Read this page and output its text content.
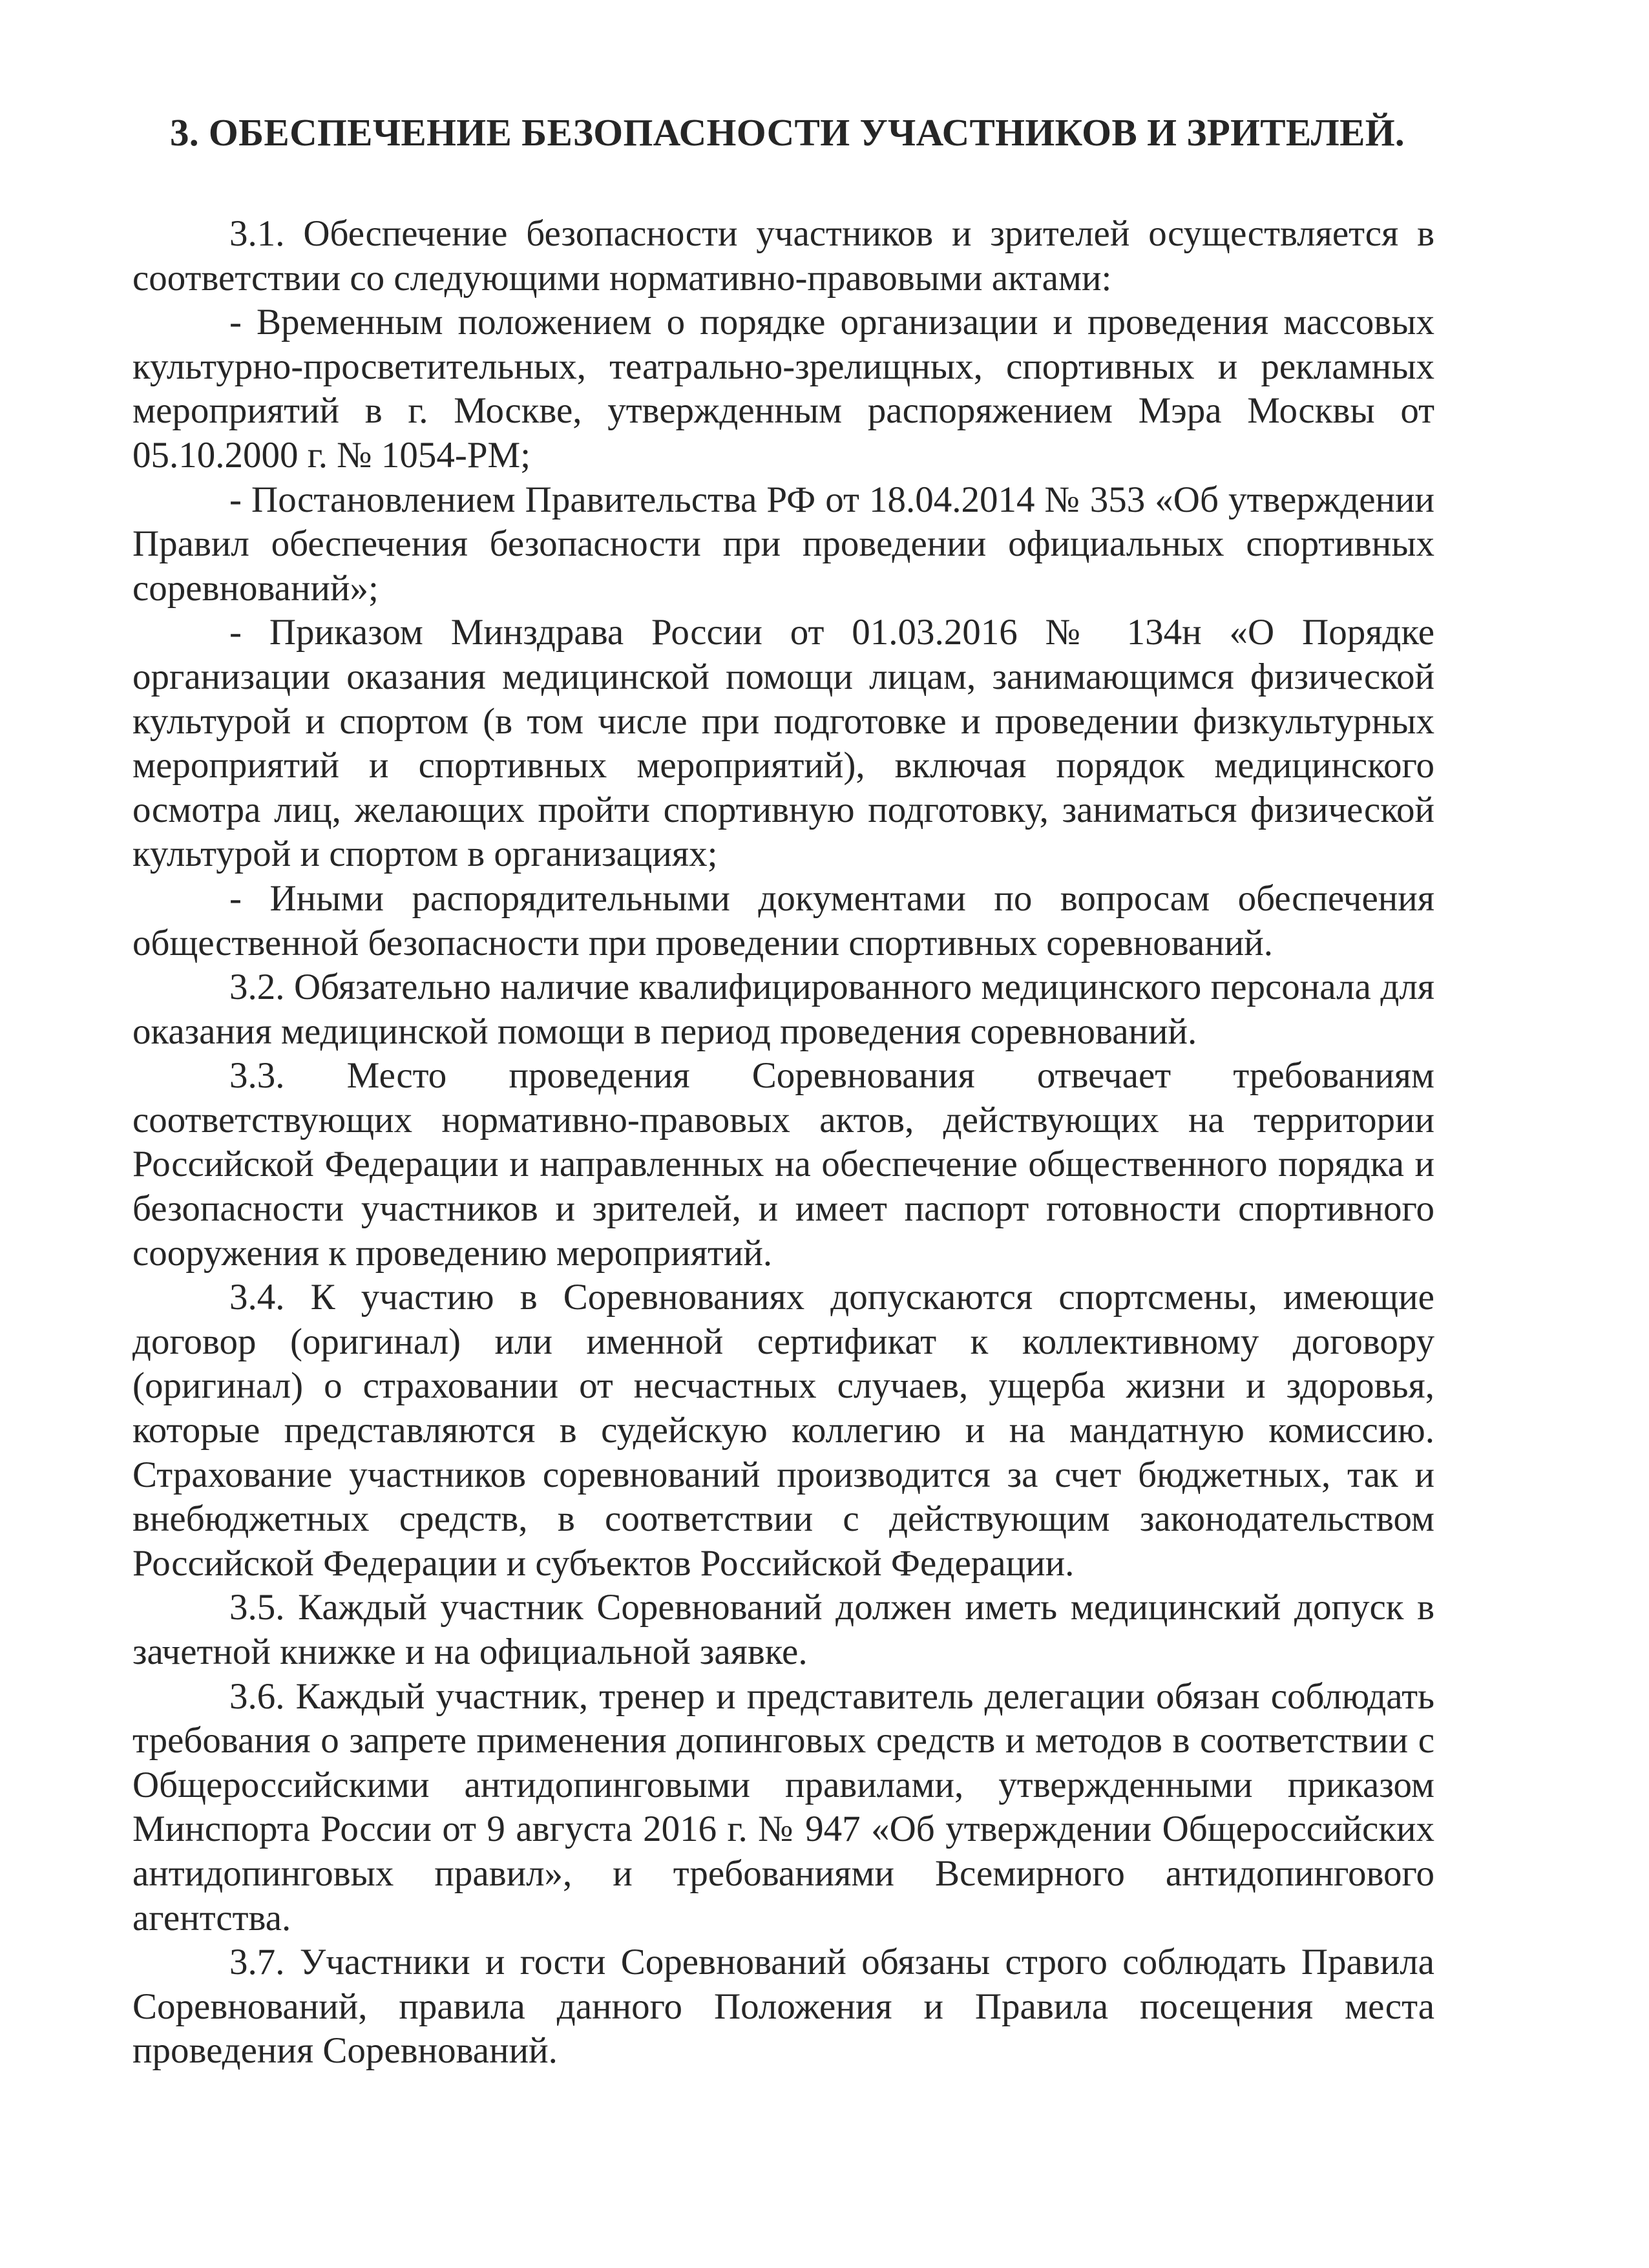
3. ОБЕСПЕЧЕНИЕ БЕЗОПАСНОСТИ УЧАСТНИКОВ И ЗРИТЕЛЕЙ.

3.1. Обеспечение безопасности участников и зрителей осуществляется в соответствии со следующими нормативно-правовыми актами:

- Временным положением о порядке организации и проведения массовых культурно-просветительных, театрально-зрелищных, спортивных и рекламных мероприятий в г. Москве, утвержденным распоряжением Мэра Москвы от 05.10.2000 г. № 1054-РМ;

- Постановлением Правительства РФ от 18.04.2014 № 353 «Об утверждении Правил обеспечения безопасности при проведении официальных спортивных соревнований»;

- Приказом Минздрава России от 01.03.2016 № 134н «О Порядке организации оказания медицинской помощи лицам, занимающимся физической культурой и спортом (в том числе при подготовке и проведении физкультурных мероприятий и спортивных мероприятий), включая порядок медицинского осмотра лиц, желающих пройти спортивную подготовку, заниматься физической культурой и спортом в организациях;

- Иными распорядительными документами по вопросам обеспечения общественной безопасности при проведении спортивных соревнований.

3.2. Обязательно наличие квалифицированного медицинского персонала для оказания медицинской помощи в период проведения соревнований.

3.3. Место проведения Соревнования отвечает требованиям соответствующих нормативно-правовых актов, действующих на территории Российской Федерации и направленных на обеспечение общественного порядка и безопасности участников и зрителей, и имеет паспорт готовности спортивного сооружения к проведению мероприятий.

3.4. К участию в Соревнованиях допускаются спортсмены, имеющие договор (оригинал) или именной сертификат к коллективному договору (оригинал) о страховании от несчастных случаев, ущерба жизни и здоровья, которые представляются в судейскую коллегию и на мандатную комиссию. Страхование участников соревнований производится за счет бюджетных, так и внебюджетных средств, в соответствии с действующим законодательством Российской Федерации и субъектов Российской Федерации.

3.5. Каждый участник Соревнований должен иметь медицинский допуск в зачетной книжке и на официальной заявке.

3.6. Каждый участник, тренер и представитель делегации обязан соблюдать требования о запрете применения допинговых средств и методов в соответствии с Общероссийскими антидопинговыми правилами, утвержденными приказом Минспорта России от 9 августа 2016 г. № 947 «Об утверждении Общероссийских антидопинговых правил», и требованиями Всемирного антидопингового агентства.

3.7. Участники и гости Соревнований обязаны строго соблюдать Правила Соревнований, правила данного Положения и Правила посещения места проведения Соревнований.
